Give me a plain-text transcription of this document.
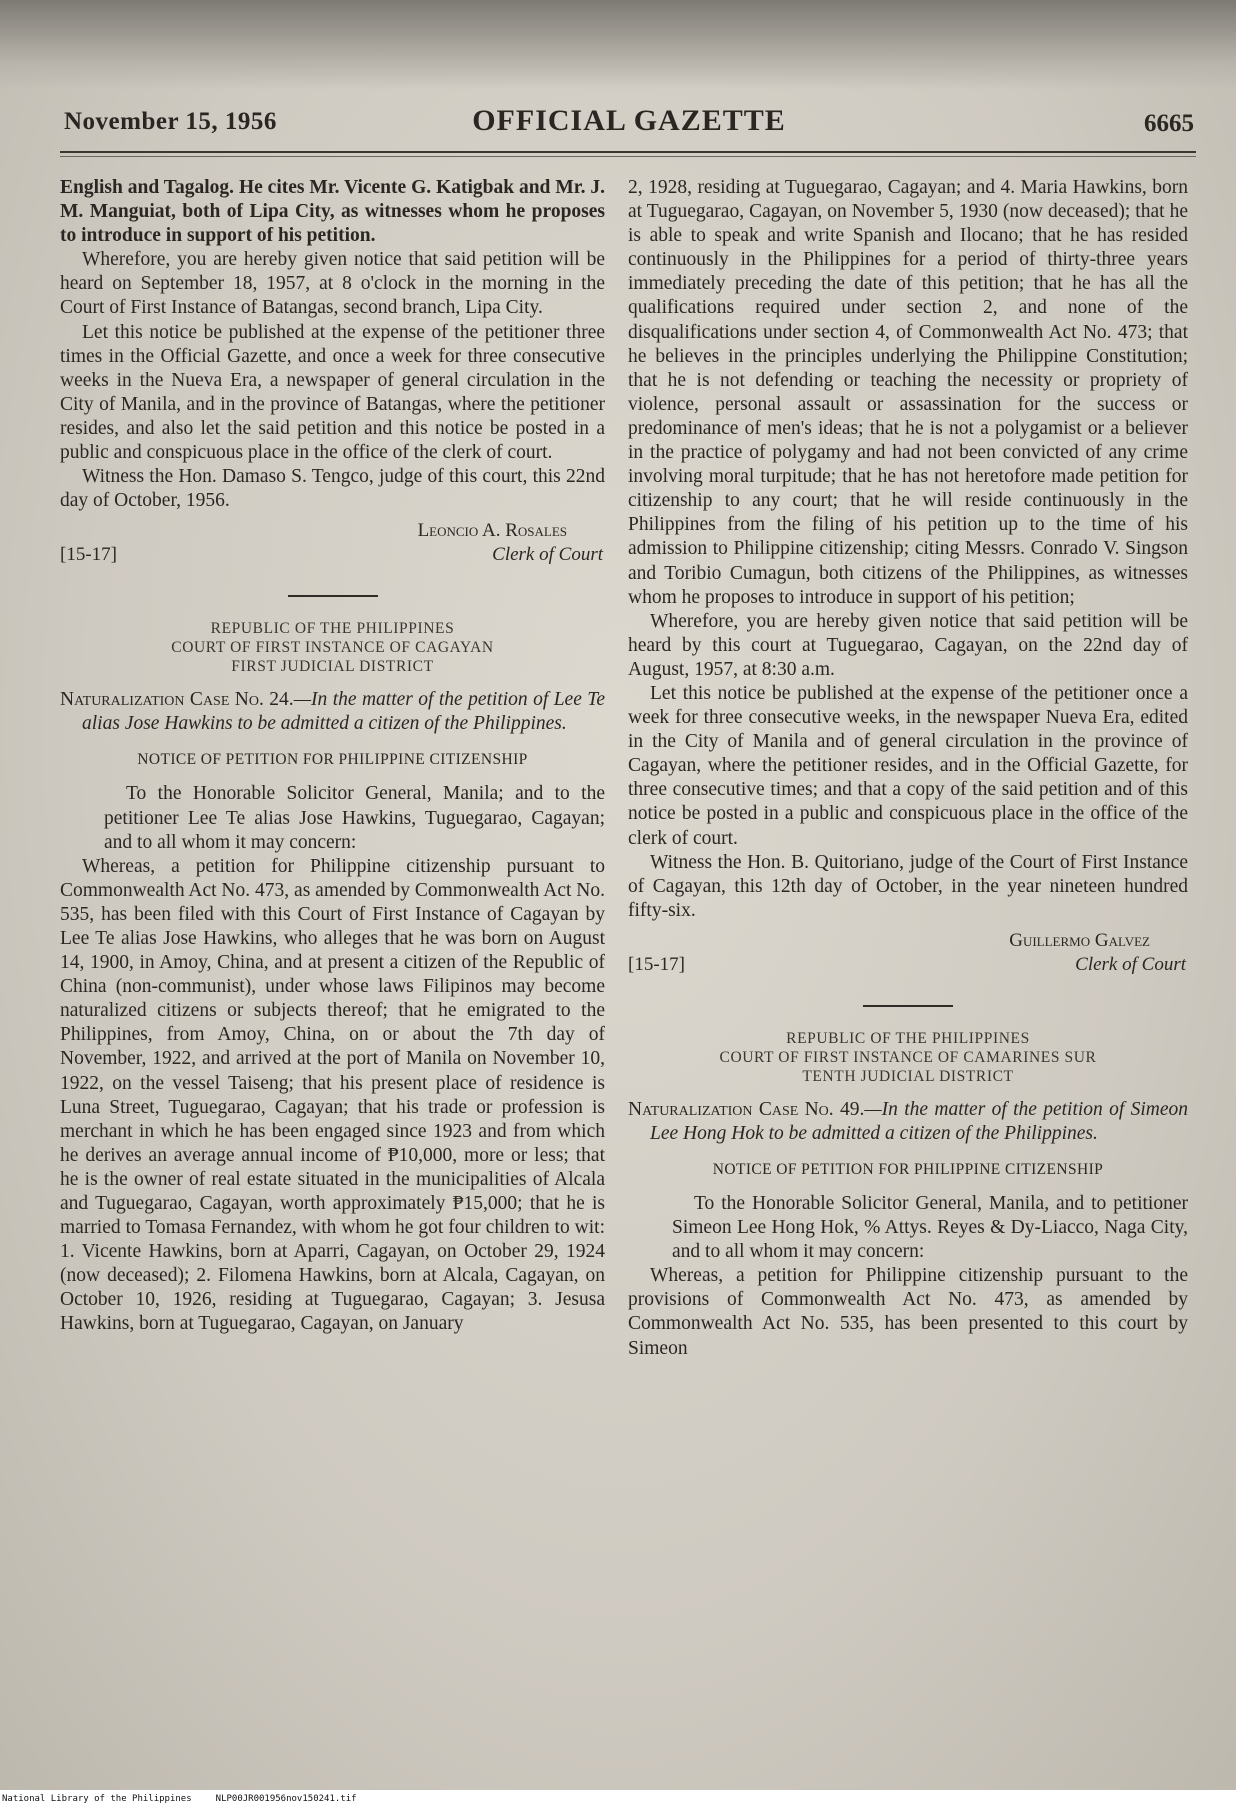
November 15, 1956	OFFICIAL GAZETTE	6665

English and Tagalog. He cites Mr. Vicente G. Katigbak and Mr. J. M. Manguiat, both of Lipa City, as witnesses whom he proposes to introduce in support of his petition.

Wherefore, you are hereby given notice that said petition will be heard on September 18, 1957, at 8 o'clock in the morning in the Court of First Instance of Batangas, second branch, Lipa City.

Let this notice be published at the expense of the petitioner three times in the Official Gazette, and once a week for three consecutive weeks in the Nueva Era, a newspaper of general circulation in the City of Manila, and in the province of Batangas, where the petitioner resides, and also let the said petition and this notice be posted in a public and conspicuous place in the office of the clerk of court.

Witness the Hon. Damaso S. Tengco, judge of this court, this 22nd day of October, 1956.

Leoncio A. Rosales
[15-17]	Clerk of Court
REPUBLIC OF THE PHILIPPINES
COURT OF FIRST INSTANCE OF CAGAYAN
FIRST JUDICIAL DISTRICT
Naturalization Case No. 24.—In the matter of the petition of Lee Te alias Jose Hawkins to be admitted a citizen of the Philippines.
NOTICE OF PETITION FOR PHILIPPINE CITIZENSHIP

To the Honorable Solicitor General, Manila; and to the petitioner Lee Te alias Jose Hawkins, Tuguegarao, Cagayan; and to all whom it may concern:

Whereas, a petition for Philippine citizenship pursuant to Commonwealth Act No. 473, as amended by Commonwealth Act No. 535, has been filed with this Court of First Instance of Cagayan by Lee Te alias Jose Hawkins, who alleges that he was born on August 14, 1900, in Amoy, China, and at present a citizen of the Republic of China (non-communist), under whose laws Filipinos may become naturalized citizens or subjects thereof; that he emigrated to the Philippines, from Amoy, China, on or about the 7th day of November, 1922, and arrived at the port of Manila on November 10, 1922, on the vessel Taiseng; that his present place of residence is Luna Street, Tuguegarao, Cagayan; that his trade or profession is merchant in which he has been engaged since 1923 and from which he derives an average annual income of ₱10,000, more or less; that he is the owner of real estate situated in the municipalities of Alcala and Tuguegarao, Cagayan, worth approximately ₱15,000; that he is married to Tomasa Fernandez, with whom he got four children to wit: 1. Vicente Hawkins, born at Aparri, Cagayan, on October 29, 1924 (now deceased); 2. Filomena Hawkins, born at Alcala, Cagayan, on October 10, 1926, residing at Tuguegarao, Cagayan; 3. Jesusa Hawkins, born at Tuguegarao, Cagayan, on January

2, 1928, residing at Tuguegarao, Cagayan; and 4. Maria Hawkins, born at Tuguegarao, Cagayan, on November 5, 1930 (now deceased); that he is able to speak and write Spanish and Ilocano; that he has resided continuously in the Philippines for a period of thirty-three years immediately preceding the date of this petition; that he has all the qualifications required under section 2, and none of the disqualifications under section 4, of Commonwealth Act No. 473; that he believes in the principles underlying the Philippine Constitution; that he is not defending or teaching the necessity or propriety of violence, personal assault or assassination for the success or predominance of men's ideas; that he is not a polygamist or a believer in the practice of polygamy and had not been convicted of any crime involving moral turpitude; that he has not heretofore made petition for citizenship to any court; that he will reside continuously in the Philippines from the filing of his petition up to the time of his admission to Philippine citizenship; citing Messrs. Conrado V. Singson and Toribio Cumagun, both citizens of the Philippines, as witnesses whom he proposes to introduce in support of his petition;

Wherefore, you are hereby given notice that said petition will be heard by this court at Tuguegarao, Cagayan, on the 22nd day of August, 1957, at 8:30 a.m.

Let this notice be published at the expense of the petitioner once a week for three consecutive weeks, in the newspaper Nueva Era, edited in the City of Manila and of general circulation in the province of Cagayan, where the petitioner resides, and in the Official Gazette, for three consecutive times; and that a copy of the said petition and of this notice be posted in a public and conspicuous place in the office of the clerk of court.

Witness the Hon. B. Quitoriano, judge of the Court of First Instance of Cagayan, this 12th day of October, in the year nineteen hundred fifty-six.

Guillermo Galvez
[15-17]	Clerk of Court
REPUBLIC OF THE PHILIPPINES
COURT OF FIRST INSTANCE OF CAMARINES SUR
TENTH JUDICIAL DISTRICT
Naturalization Case No. 49.—In the matter of the petition of Simeon Lee Hong Hok to be admitted a citizen of the Philippines.
NOTICE OF PETITION FOR PHILIPPINE CITIZENSHIP

To the Honorable Solicitor General, Manila, and to petitioner Simeon Lee Hong Hok, % Attys. Reyes & Dy-Liacco, Naga City, and to all whom it may concern:

Whereas, a petition for Philippine citizenship pursuant to the provisions of Commonwealth Act No. 473, as amended by Commonwealth Act No. 535, has been presented to this court by Simeon

National Library of the Philippines	NLP00JR001956nov150241.tif
